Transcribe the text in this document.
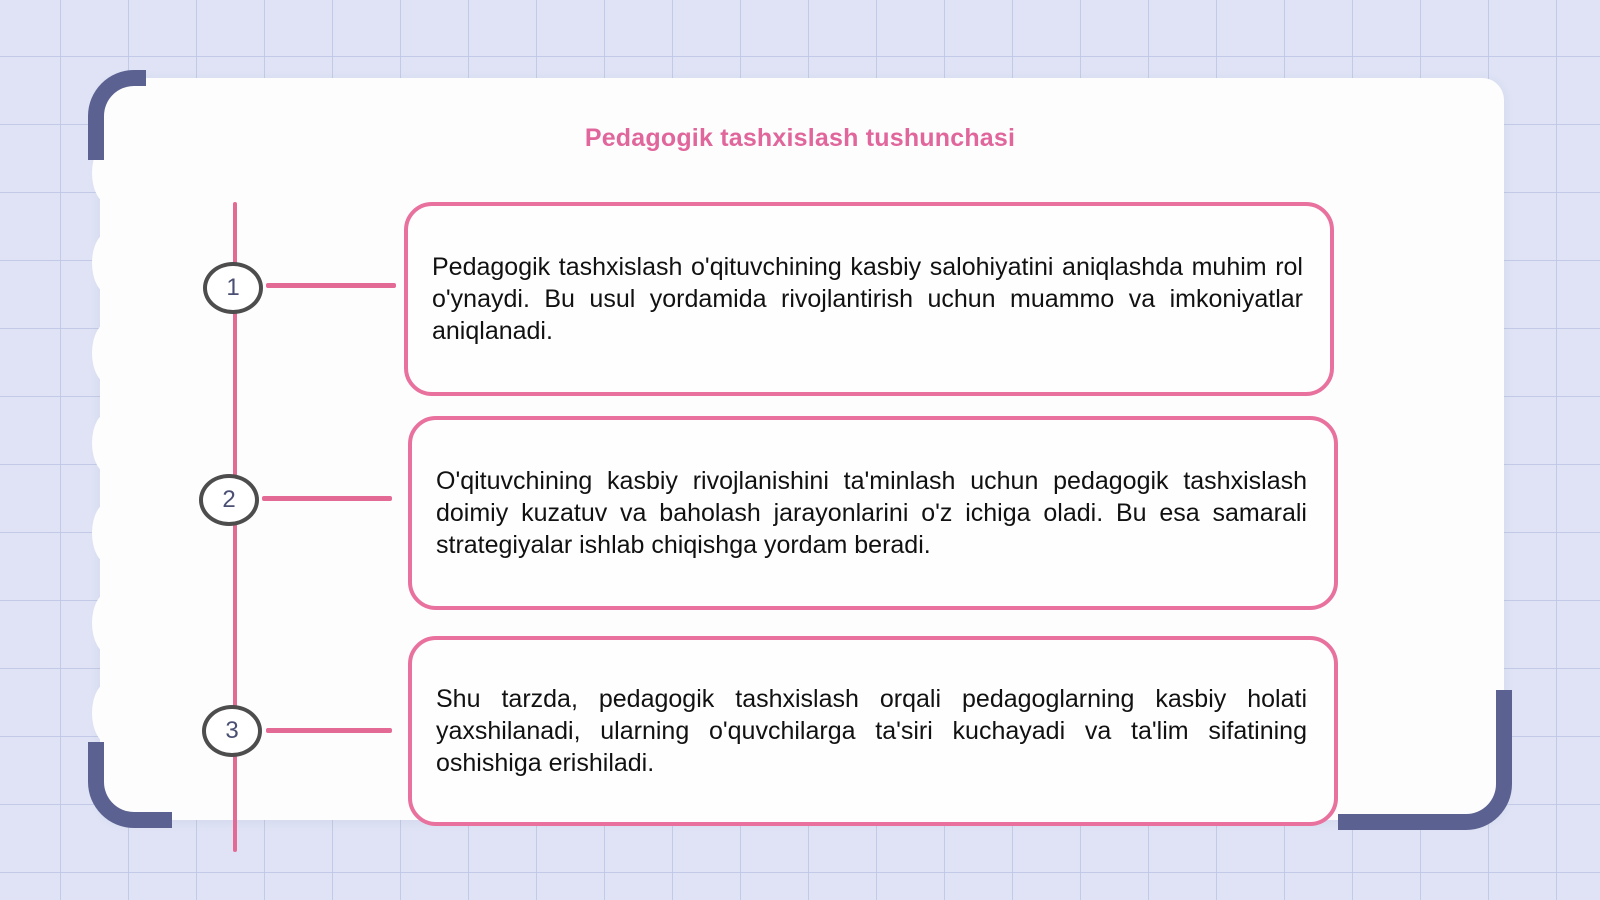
Pedagogik tashxislash tushunchasi
1

Pedagogik tashxislash o'qituvchining kasbiy salohiyatini aniqlashda muhim rol o'ynaydi. Bu usul yordamida rivojlantirish uchun muammo va imkoniyatlar aniqlanadi.

2

O'qituvchining kasbiy rivojlanishini ta'minlash uchun pedagogik tashxislash doimiy kuzatuv va baholash jarayonlarini o'z ichiga oladi. Bu esa samarali strategiyalar ishlab chiqishga yordam beradi.

3

Shu tarzda, pedagogik tashxislash orqali pedagoglarning kasbiy holati yaxshilanadi, ularning o'quvchilarga ta'siri kuchayadi va ta'lim sifatining oshishiga erishiladi.
